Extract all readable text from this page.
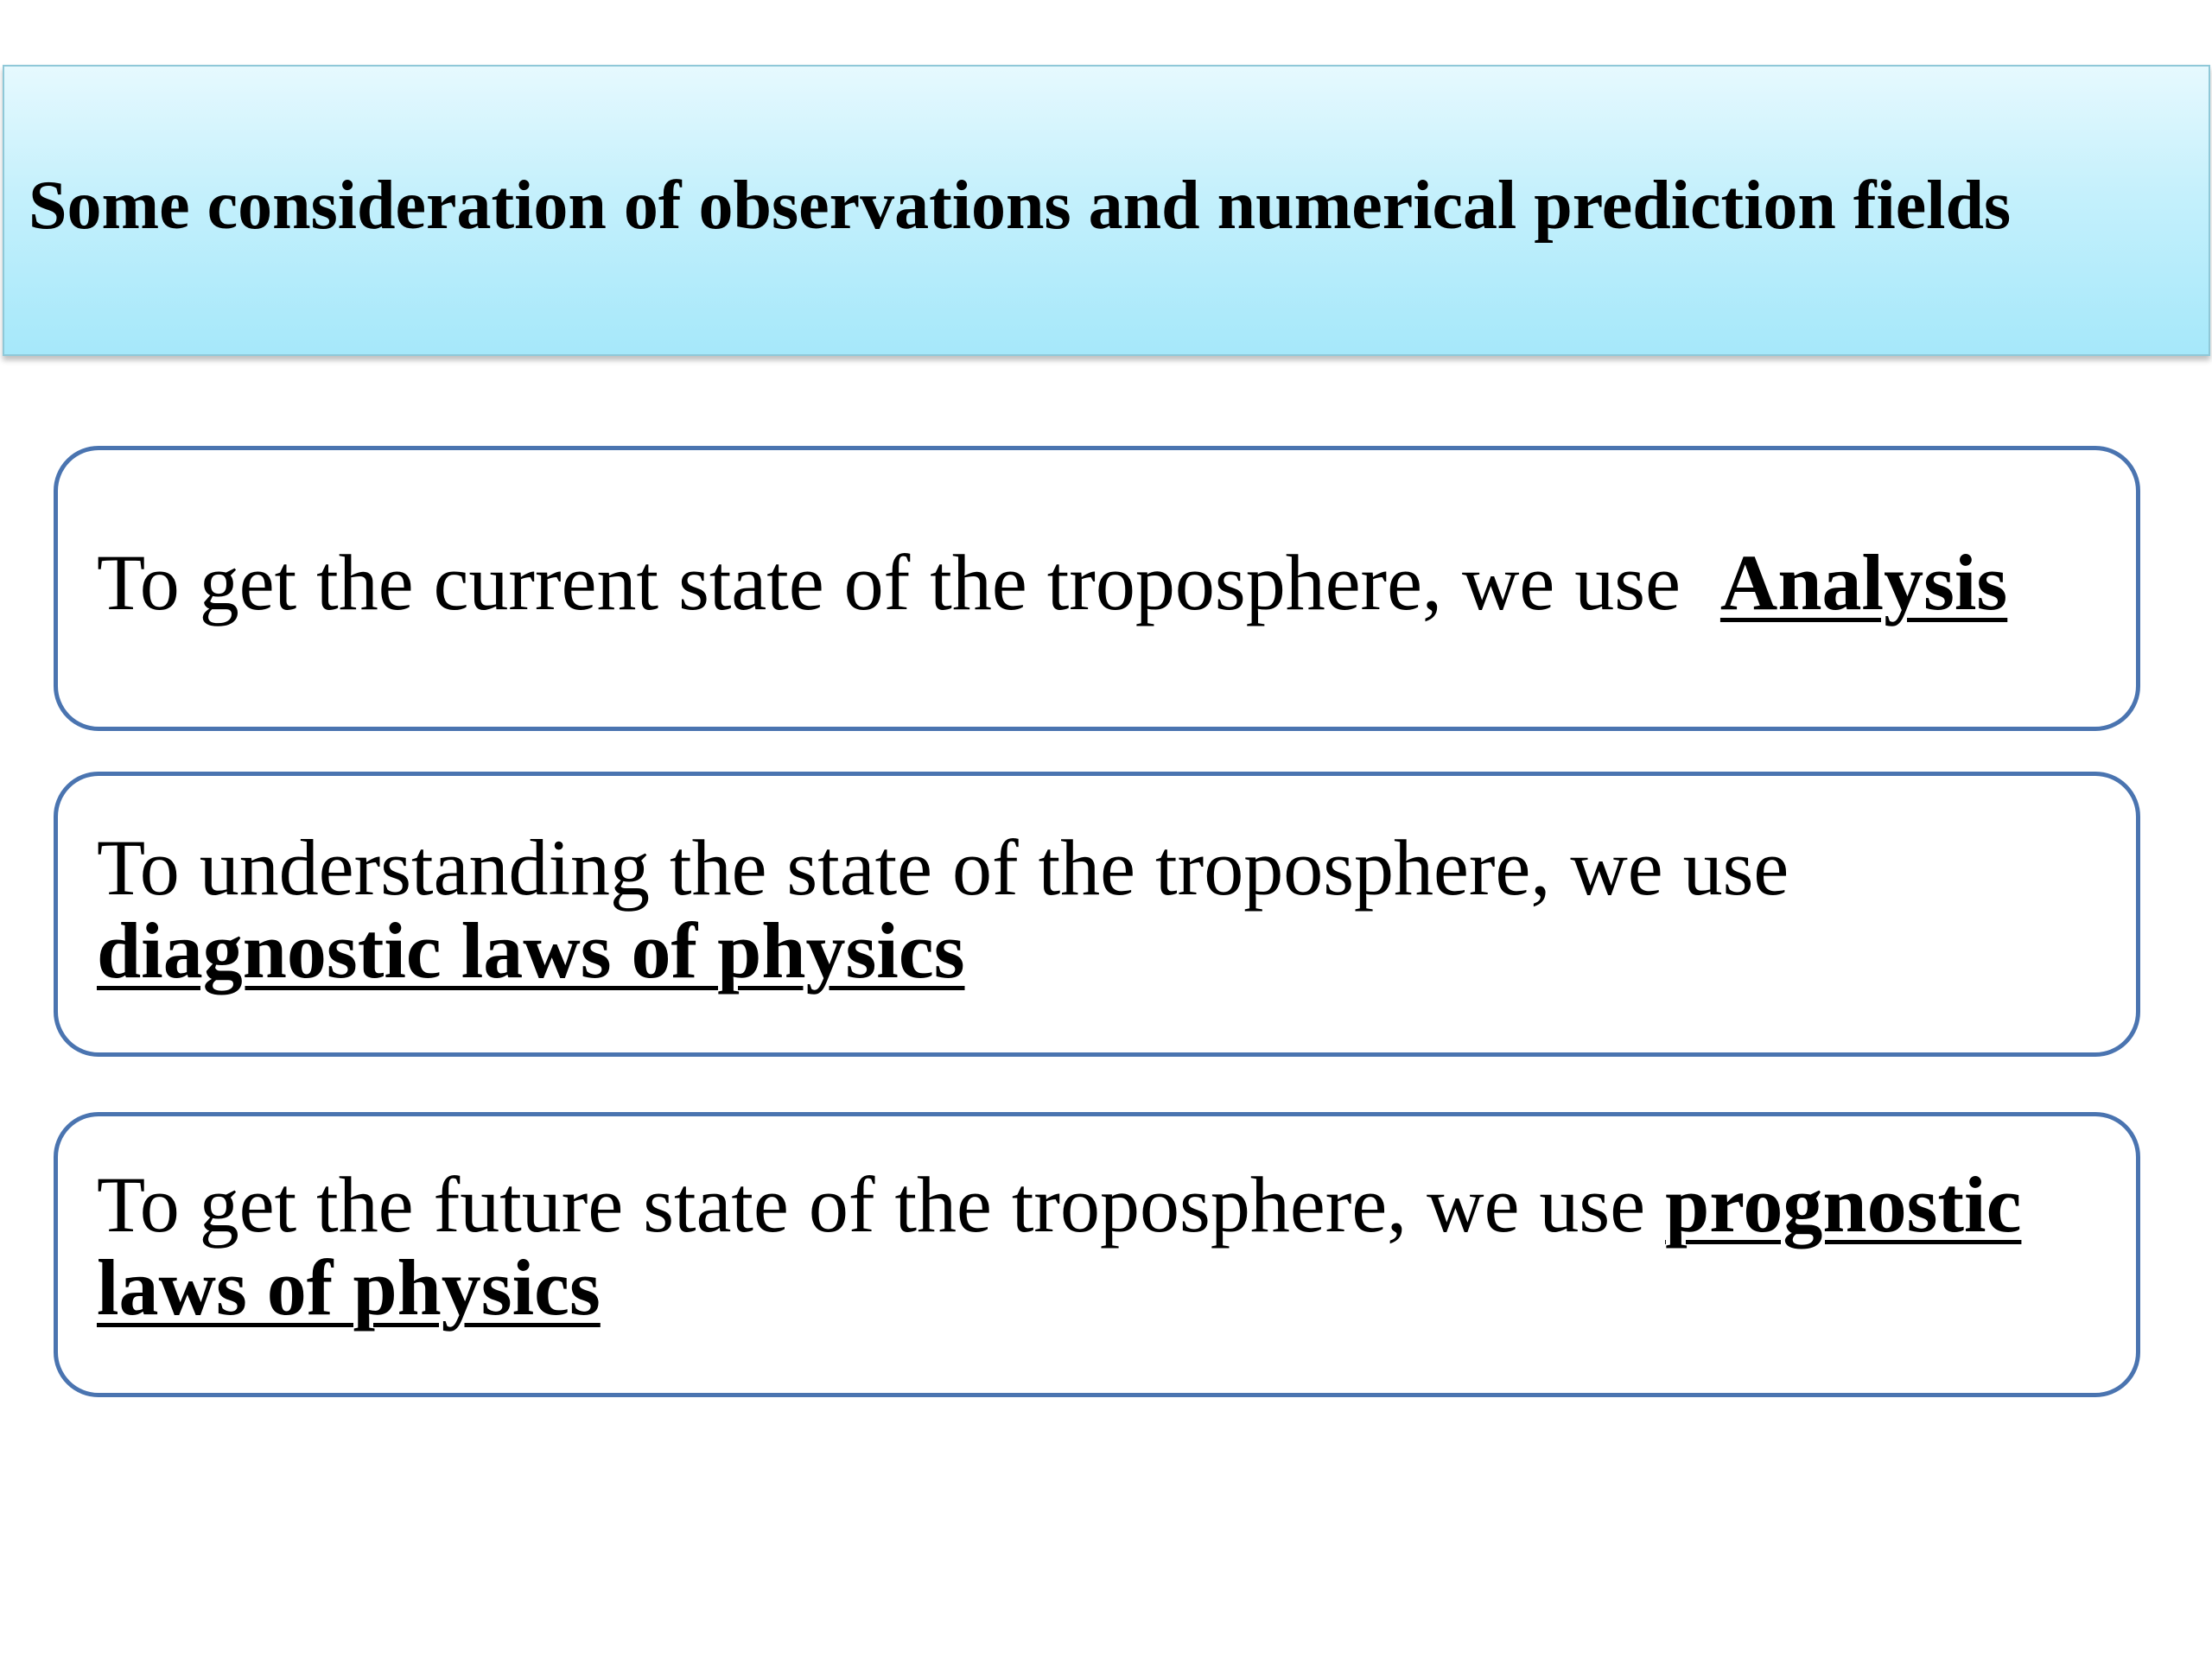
Some consideration of observations and numerical prediction fields

To get the current state of the troposphere, we use Analysis

To understanding the state of the troposphere, we use
diagnostic laws of physics

To get the future state of the troposphere, we use prognostic laws of physics
